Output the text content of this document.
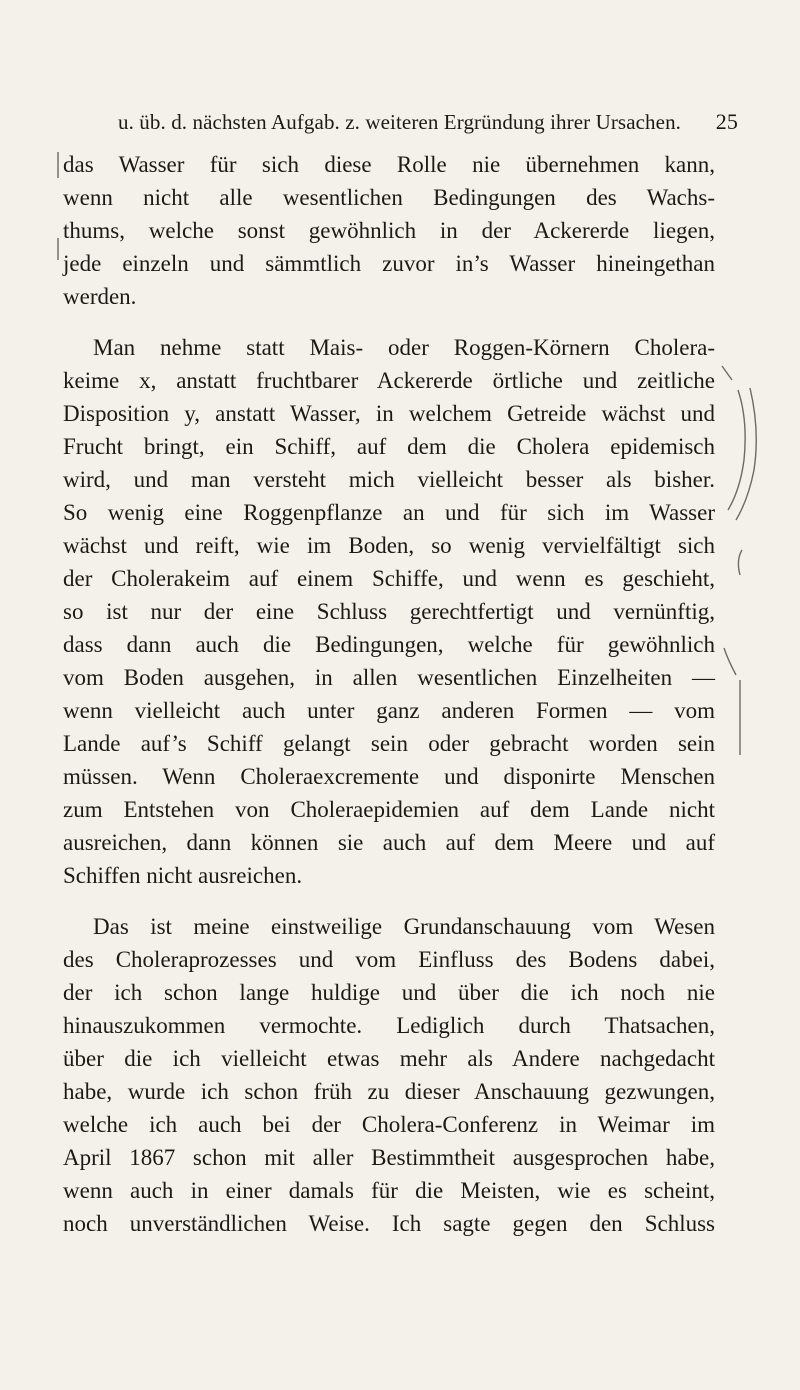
u. üb. d. nächsten Aufgab. z. weiteren Ergründung ihrer Ursachen. 25
das Wasser für sich diese Rolle nie übernehmen kann,
wenn nicht alle wesentlichen Bedingungen des Wachs-
thums, welche sonst gewöhnlich in der Ackererde liegen,
jede einzeln und sämmtlich zuvor in’s Wasser hineingethan
werden.
Man nehme statt Mais- oder Roggen-Körnern Cholera-
keime x, anstatt fruchtbarer Ackererde örtliche und zeitliche
Disposition y, anstatt Wasser, in welchem Getreide wächst und
Frucht bringt, ein Schiff, auf dem die Cholera epidemisch
wird, und man versteht mich vielleicht besser als bisher.
So wenig eine Roggenpflanze an und für sich im Wasser
wächst und reift, wie im Boden, so wenig vervielfältigt sich
der Cholerakeim auf einem Schiffe, und wenn es geschieht,
so ist nur der eine Schluss gerechtfertigt und vernünftig,
dass dann auch die Bedingungen, welche für gewöhnlich
vom Boden ausgehen, in allen wesentlichen Einzelheiten —
wenn vielleicht auch unter ganz anderen Formen — vom
Lande auf’s Schiff gelangt sein oder gebracht worden sein
müssen. Wenn Choleraexcremente und disponirte Menschen
zum Entstehen von Choleraepidemien auf dem Lande nicht
ausreichen, dann können sie auch auf dem Meere und auf
Schiffen nicht ausreichen.
Das ist meine einstweilige Grundanschauung vom Wesen
des Choleraprozesses und vom Einfluss des Bodens dabei,
der ich schon lange huldige und über die ich noch nie
hinauszukommen vermochte. Lediglich durch Thatsachen,
über die ich vielleicht etwas mehr als Andere nachgedacht
habe, wurde ich schon früh zu dieser Anschauung gezwungen,
welche ich auch bei der Cholera-Conferenz in Weimar im
April 1867 schon mit aller Bestimmtheit ausgesprochen habe,
wenn auch in einer damals für die Meisten, wie es scheint,
noch unverständlichen Weise. Ich sagte gegen den Schluss
